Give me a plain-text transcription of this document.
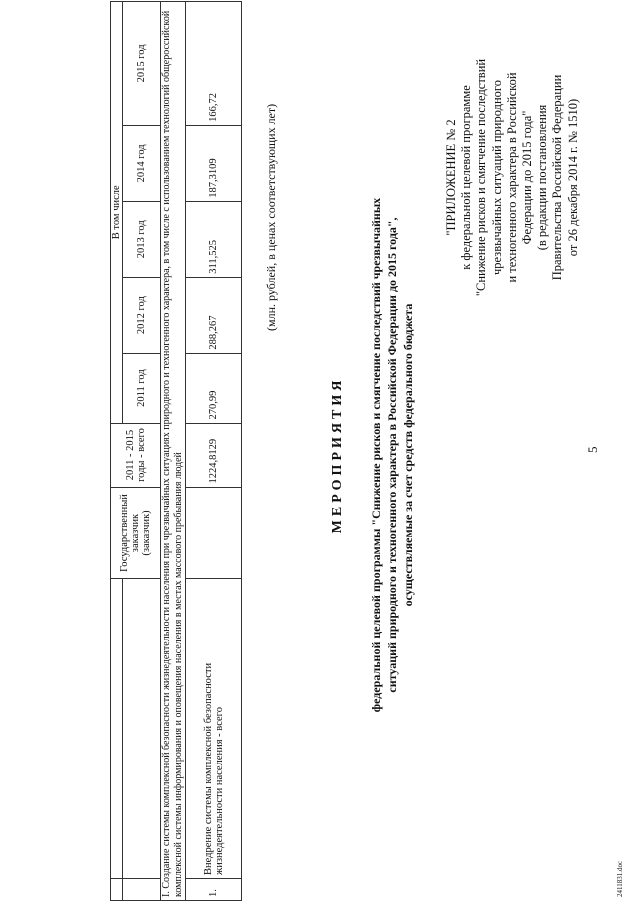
2411831.doc
5
"ПРИЛОЖЕНИЕ № 2 к федеральной целевой программе "Снижение рисков и смягчение последствий чрезвычайных ситуаций природного и техногенного характера в Российской Федерации до 2015 года" (в редакции постановления Правительства Российской Федерации от 26 декабря 2014 г. № 1510)
МЕРОПРИЯТИЯ федеральной целевой программы "Снижение рисков и смягчение последствий чрезвычайных ситуаций природного и техногенного характера в Российской Федерации до 2015 года", осуществляемые за счет средств федерального бюджета
(млн. рублей, в ценах соответствующих лет)
		Государственный заказчик (заказчик)	2011 - 2015 годы - всего	В том числе				
				2011 год	2012 год	2013 год	2014 год	2015 год
I. Создание системы комплексной безопасности жизнедеятельности населения при чрезвычайных ситуациях природного и техногенного характера, в том числе с использованием технологий общероссийской комплексной системы информирования и оповещения населения в местах массового пребывания людей								
1.	Внедрение системы комплексной безопасности жизнедеятельности населения - всего		1224,8129	270,99	288,267	311,525	187,3109	166,72
